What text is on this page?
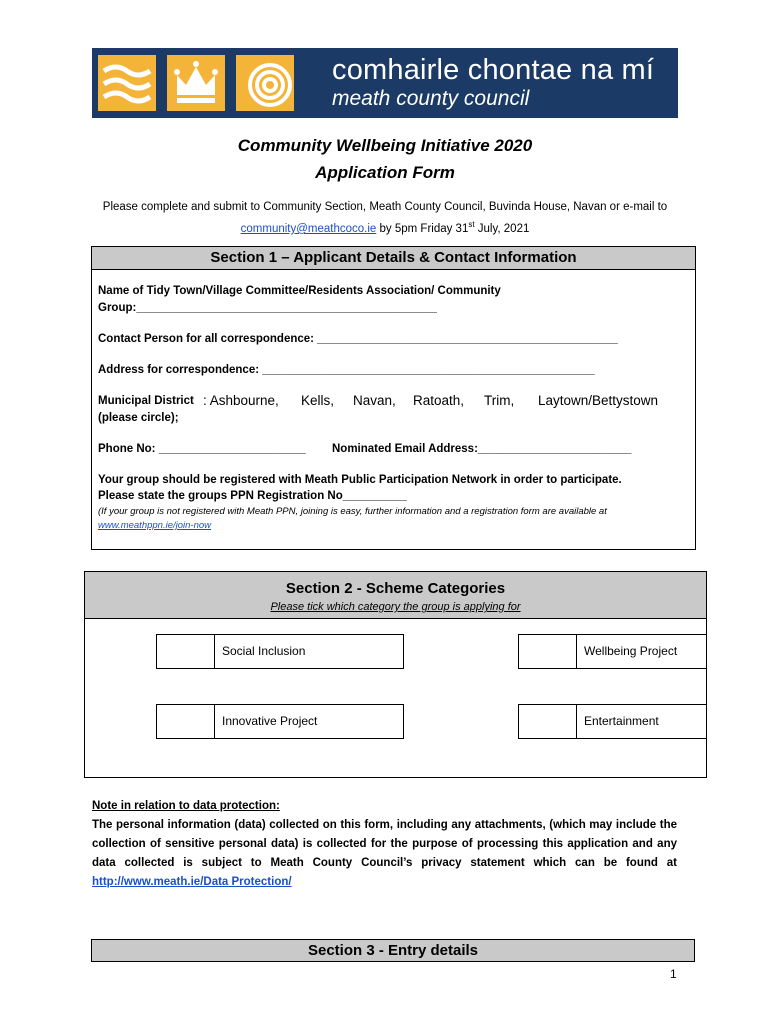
comhairle chontae na mí
meath county council
Community Wellbeing Initiative 2020
Application Form
Please complete and submit to Community Section, Meath County Council, Buvinda House, Navan or e-mail to community@meathcoco.ie by 5pm Friday 31st July, 2021
Section 1 – Applicant Details & Contact Information
Name of Tidy Town/Village Committee/Residents Association/ Community
Group:_______________________________________________
Contact Person for all correspondence: _______________________________________________
Address for correspondence: ____________________________________________________
Municipal District : Ashbourne, Kells, Navan, Ratoath, Trim, Laytown/Bettystown
(please circle);
Phone No: _______________________ Nominated Email Address:________________________
Your group should be registered with Meath Public Participation Network in order to participate.
Please state the groups PPN Registration No__________
(If your group is not registered with Meath PPN, joining is easy, further information and a registration form are available at
www.meathppn.ie/join-now
Section 2 - Scheme Categories
Please tick which category the group is applying for
Social Inclusion	Wellbeing Project
Innovative Project	Entertainment
Note in relation to data protection:
The personal information (data) collected on this form, including any attachments, (which may include the collection of sensitive personal data) is collected for the purpose of processing this application and any data collected is subject to Meath County Council’s privacy statement which can be found at http://www.meath.ie/Data Protection/
Section 3 - Entry details
1
